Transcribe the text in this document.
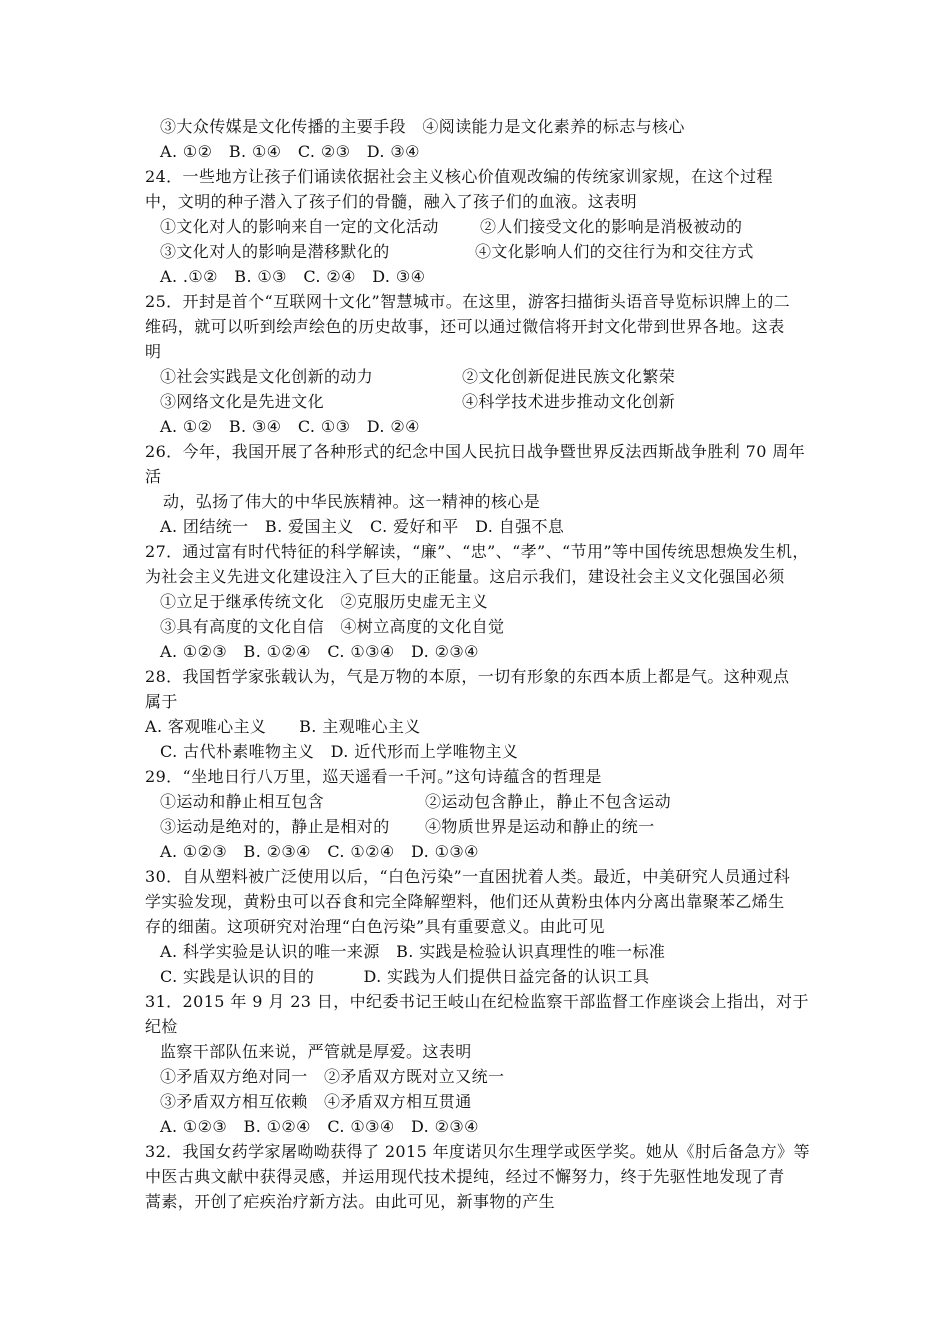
③大众传媒是文化传播的主要手段　④阅读能力是文化素养的标志与核心
A. ①②　B. ①④　C. ②③　D. ③④
24．一些地方让孩子们诵读依据社会主义核心价值观改编的传统家训家规，在这个过程
中，文明的种子潜入了孩子们的骨髓，融入了孩子们的血液。这表明
①文化对人的影响来自一定的文化活动	②人们接受文化的影响是消极被动的
③文化对人的影响是潜移默化的	④文化影响人们的交往行为和交往方式
A. .①②　B. ①③　C. ②④　D. ③④
25．开封是首个“互联网十文化”智慧城市。在这里，游客扫描街头语音导览标识牌上的二
维码，就可以听到绘声绘色的历史故事，还可以通过微信将开封文化带到世界各地。这表
明
①社会实践是文化创新的动力	②文化创新促进民族文化繁荣
③网络文化是先进文化	④科学技术进步推动文化创新
A. ①②　B. ③④　C. ①③　D. ②④
26．今年，我国开展了各种形式的纪念中国人民抗日战争暨世界反法西斯战争胜利 70 周年
活
动，弘扬了伟大的中华民族精神。这一精神的核心是
A. 团结统一　B. 爱国主义　C. 爱好和平　D. 自强不息
27．通过富有时代特征的科学解读，“廉”、“忠”、“孝”、“节用”等中国传统思想焕发生机，
为社会主义先进文化建设注入了巨大的正能量。这启示我们，建设社会主义文化强国必须
①立足于继承传统文化　②克服历史虚无主义
③具有高度的文化自信　④树立高度的文化自觉
A. ①②③　B. ①②④　C. ①③④　D. ②③④
28．我国哲学家张载认为，气是万物的本原，一切有形象的东西本质上都是气。这种观点
属于
A. 客观唯心主义　　B. 主观唯心主义
C. 古代朴素唯物主义　D. 近代形而上学唯物主义
29．“坐地日行八万里，巡天遥看一千河。”这句诗蕴含的哲理是
①运动和静止相互包含	②运动包含静止，静止不包含运动
③运动是绝对的，静止是相对的 ④物质世界是运动和静止的统一
A. ①②③　B. ②③④　C. ①②④　D. ①③④
30．自从塑料被广泛使用以后，“白色污染”一直困扰着人类。最近，中美研究人员通过科
学实验发现，黄粉虫可以吞食和完全降解塑料，他们还从黄粉虫体内分离出靠聚苯乙烯生
存的细菌。这项研究对治理“白色污染”具有重要意义。由此可见
A. 科学实验是认识的唯一来源　B. 实践是检验认识真理性的唯一标准
C. 实践是认识的目的　　　D. 实践为人们提供日益完备的认识工具
31．2015 年 9 月 23 日，中纪委书记王岐山在纪检监察干部监督工作座谈会上指出，对于
纪检
监察干部队伍来说，严管就是厚爱。这表明
①矛盾双方绝对同一　②矛盾双方既对立又统一
③矛盾双方相互依赖　④矛盾双方相互贯通
A. ①②③　B. ①②④　C. ①③④　D. ②③④
32．我国女药学家屠呦呦获得了 2015 年度诺贝尔生理学或医学奖。她从《肘后备急方》等
中医古典文献中获得灵感，并运用现代技术提纯，经过不懈努力，终于先驱性地发现了青
蒿素，开创了疟疾治疗新方法。由此可见，新事物的产生
